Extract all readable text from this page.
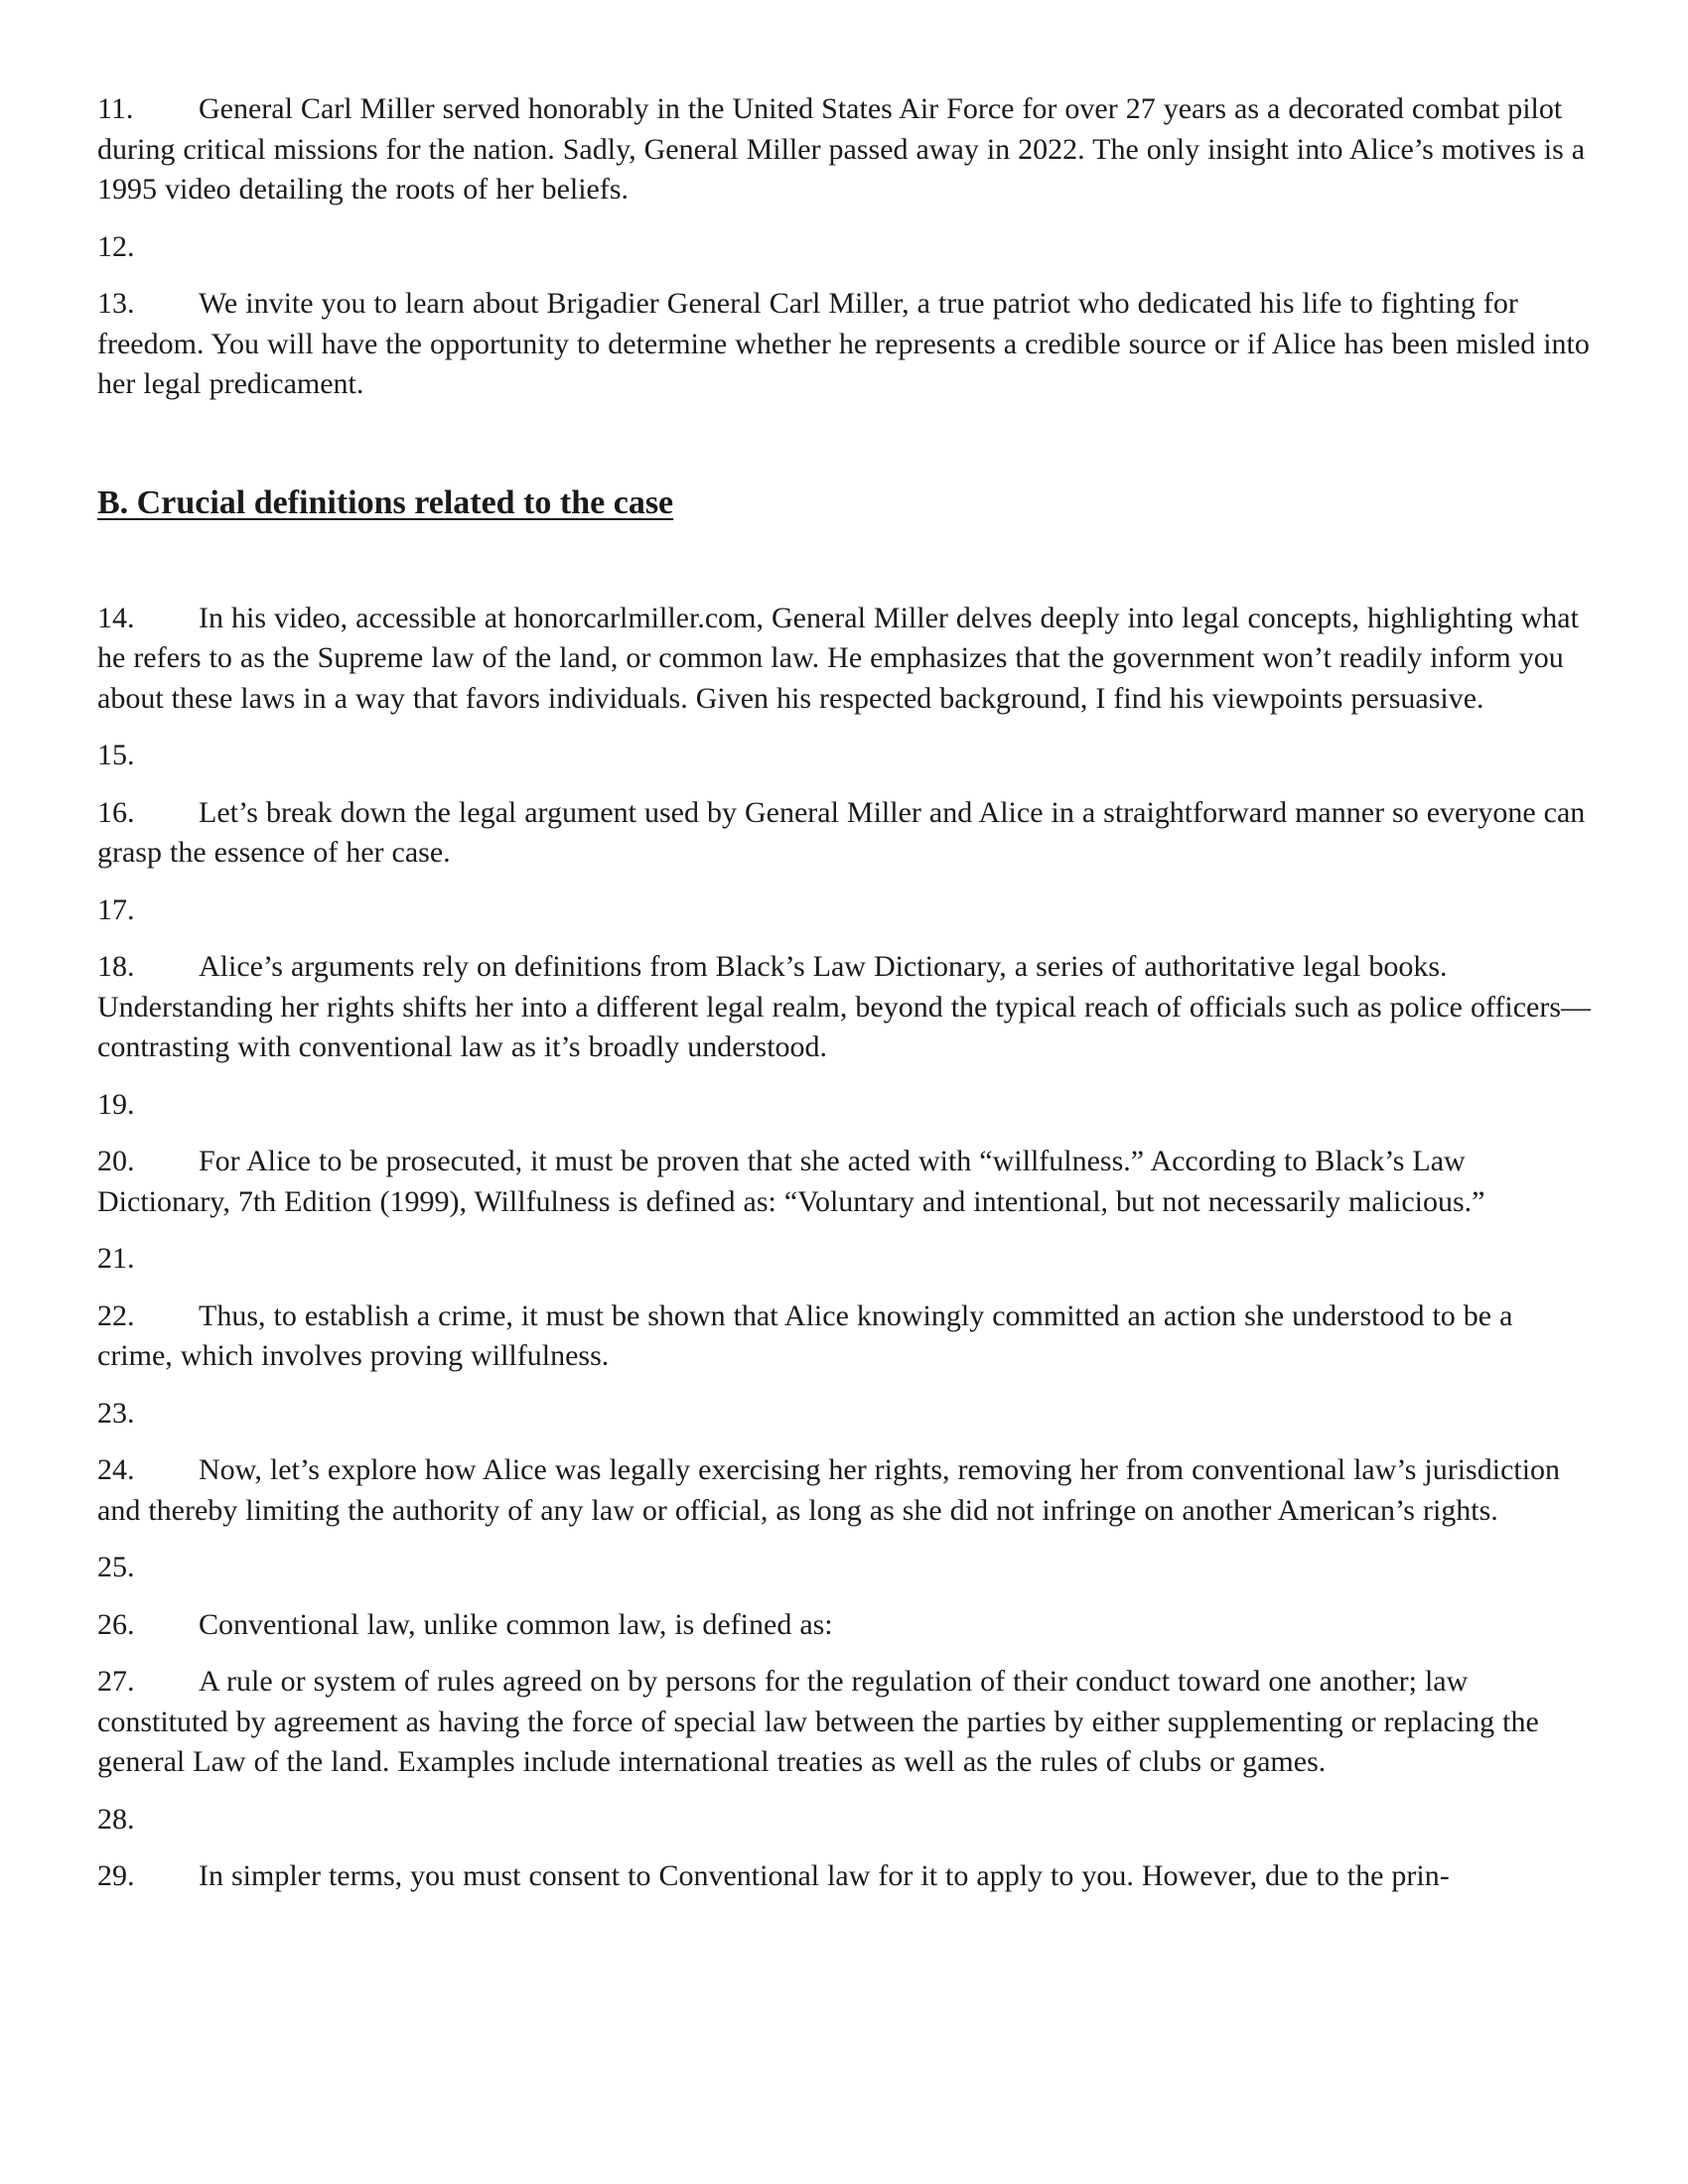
11. General Carl Miller served honorably in the United States Air Force for over 27 years as a decorated combat pilot during critical missions for the nation. Sadly, General Miller passed away in 2022. The only insight into Alice’s motives is a 1995 video detailing the roots of her beliefs.

12.

13. We invite you to learn about Brigadier General Carl Miller, a true patriot who dedicated his life to fighting for freedom. You will have the opportunity to determine whether he represents a credible source or if Alice has been misled into her legal predicament.

B. Crucial definitions related to the case

14. In his video, accessible at honorcarlmiller.com, General Miller delves deeply into legal concepts, highlighting what he refers to as the Supreme law of the land, or common law. He emphasizes that the government won’t readily inform you about these laws in a way that favors individuals. Given his respected background, I find his viewpoints persuasive.

15.

16. Let’s break down the legal argument used by General Miller and Alice in a straightforward manner so everyone can grasp the essence of her case.

17.

18. Alice’s arguments rely on definitions from Black’s Law Dictionary, a series of authoritative legal books. Understanding her rights shifts her into a different legal realm, beyond the typical reach of officials such as police officers—contrasting with conventional law as it’s broadly understood.

19.

20. For Alice to be prosecuted, it must be proven that she acted with “willfulness.” According to Black’s Law Dictionary, 7th Edition (1999), Willfulness is defined as: “Voluntary and intentional, but not necessarily malicious.”

21.

22. Thus, to establish a crime, it must be shown that Alice knowingly committed an action she understood to be a crime, which involves proving willfulness.

23.

24. Now, let’s explore how Alice was legally exercising her rights, removing her from conventional law’s jurisdiction and thereby limiting the authority of any law or official, as long as she did not infringe on another American’s rights.

25.

26. Conventional law, unlike common law, is defined as:

27. A rule or system of rules agreed on by persons for the regulation of their conduct toward one another; law constituted by agreement as having the force of special law between the parties by either supplementing or replacing the general Law of the land. Examples include international treaties as well as the rules of clubs or games.

28.

29. In simpler terms, you must consent to Conventional law for it to apply to you. However, due to the prin-
